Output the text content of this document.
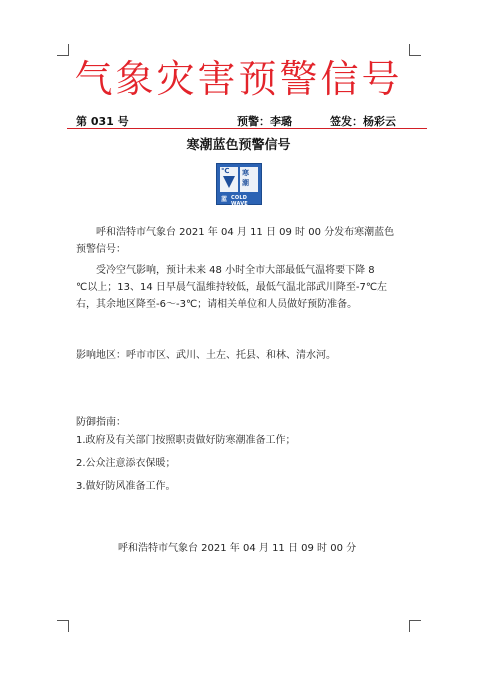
气象灾害预警信号
第 031 号	预警：李璐	签发：杨彩云
寒潮蓝色预警信号
℃ 寒
潮
蓝 COLD WAVE
呼和浩特市气象台 2021 年 04 月 11 日 09 时 00 分发布寒潮蓝色
预警信号：
受冷空气影响，预计未来 48 小时全市大部最低气温将要下降 8
℃以上；13、14 日早晨气温维持较低，最低气温北部武川降至-7℃左
右，其余地区降至-6～-3℃；请相关单位和人员做好预防准备。
影响地区：呼市市区、武川、土左、托县、和林、清水河。
防御指南：
1.政府及有关部门按照职责做好防寒潮准备工作；
2.公众注意添衣保暖；
3.做好防风准备工作。
呼和浩特市气象台 2021 年 04 月 11 日 09 时 00 分
